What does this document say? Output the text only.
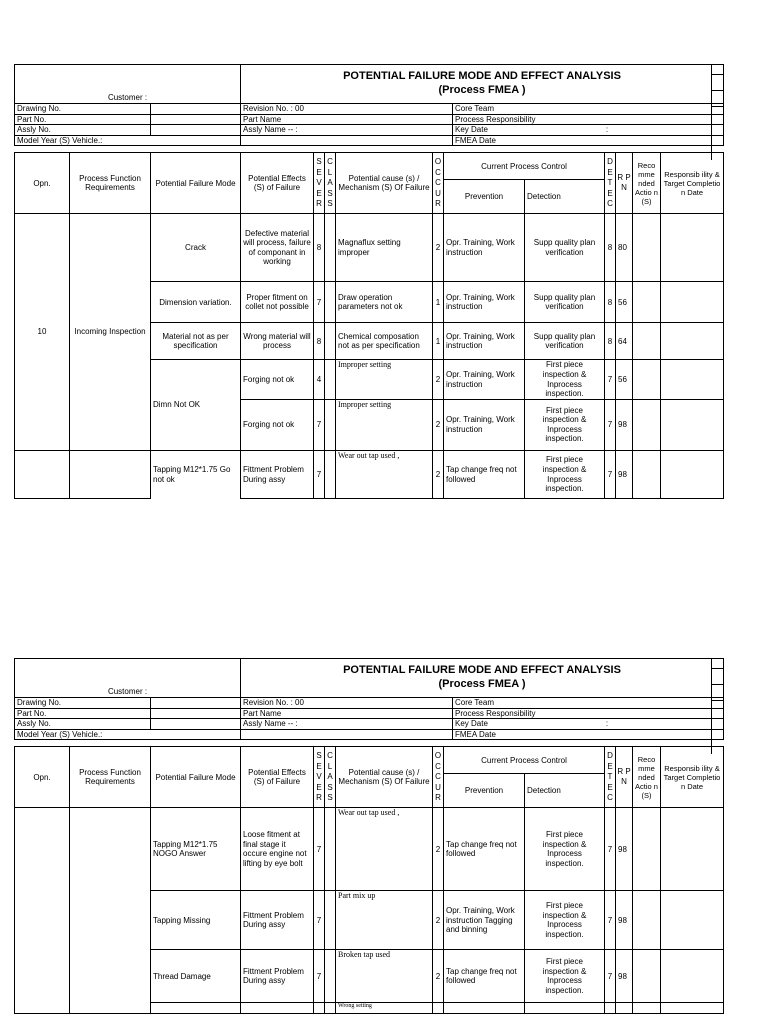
Customer :		POTENTIAL FAILURE MODE AND EFFECT ANALYSIS
(Process FMEA )	

Drawing No.		Revision No. : 00	Core Team
Part No.		Part Name	Process Responsibility
Assly No.		Assly Name -- :	Key Date :
Model Year (S) Vehicle.:			FMEA Date
Opn.	Process Function Requirements	Potential Failure Mode	Potential Effects (S) of Failure	S E V E R	C L A S S	Potential cause (s) / Mechanism (S) Of Failure	O C C U R	Current Process Control		D E T E C	R P N	Reco mme nded Actio n (S)	Responsib ility & Target Completio n Date
								Prevention	Detection				
10	Incoming Inspection	Crack	Defective material will process, failure of componant in working	8		Magnaflux setting improper	2	Opr. Training, Work instruction	Supp quality plan verification	8	80		
		Dimension variation.	Proper fitment on collet not possible	7		Draw operation parameters not ok	1	Opr. Training, Work instruction	Supp quality plan verification	8	56		
		Material not as per specification	Wrong material will process	8		Chemical composation not as per specification	1	Opr. Training, Work instruction	Supp quality plan verification	8	64		
		Dimn Not OK	Forging not ok	4		Improper setting	2	Opr. Training, Work instruction	First piece inspection & Inprocess inspection.	7	56		
			Forging not ok	7		Improper setting	2	Opr. Training, Work instruction	First piece inspection & Inprocess inspection.	7	98		
		Tapping M12*1.75 Go not ok	Fittment Problem During assy	7		Wear out tap used ,	2	Tap change freq not followed	First piece inspection & Inprocess inspection.	7	98		
Customer :		POTENTIAL FAILURE MODE AND EFFECT ANALYSIS
(Process FMEA )	

Drawing No.		Revision No. : 00	Core Team
Part No.		Part Name	Process Responsibility
Assly No.		Assly Name -- :	Key Date :
Model Year (S) Vehicle.:			FMEA Date
Opn.	Process Function Requirements	Potential Failure Mode	Potential Effects (S) of Failure	S E V E R	C L A S S	Potential cause (s) / Mechanism (S) Of Failure	O C C U R	Current Process Control		D E T E C	R P N	Reco mme nded Actio n (S)	Responsib ility & Target Completio n Date
								Prevention	Detection				
		Tapping M12*1.75 NOGO Answer	Loose fitment at final stage it occure engine not lifting by eye bolt	7		Wear out tap used ,	2	Tap change freq not followed	First piece inspection & Inprocess inspection.	7	98		
		Tapping Missing	Fittment Problem During assy	7		Part mix up	2	Opr. Training, Work instruction Tagging and binning	First piece inspection & Inprocess inspection.	7	98		
		Thread Damage	Fittment Problem During assy	7		Broken tap used	2	Tap change freq not followed	First piece inspection & Inprocess inspection.	7	98		
						Wrong setting							
